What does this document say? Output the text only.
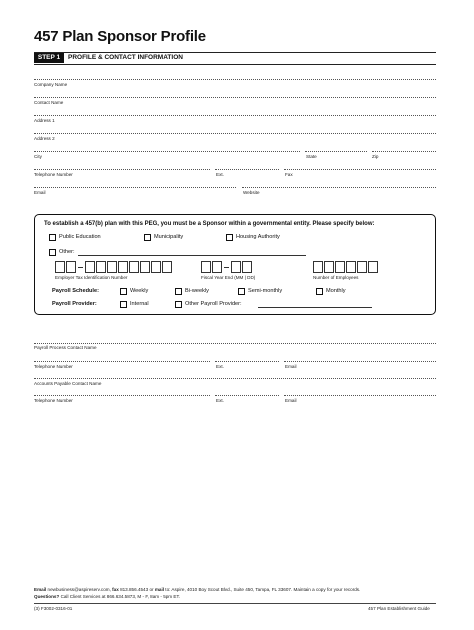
457 Plan Sponsor Profile
STEP 1	PROFILE & CONTACT INFORMATION
Company Name
Contact Name
Address 1
Address 2
City	State	Zip
Telephone Number	Ext.	Fax
Email	Website
To establish a 457(b) plan with this PEG, you must be a Sponsor within a governmental entity. Please specify below:
Public Education	Municipality	Housing Authority
Other:
Employer Tax Identification Number	Fiscal Year End (MM | DD)	Number of Employees
Payroll Schedule:	Weekly	Bi-weekly	Semi-monthly	Monthly
Payroll Provider:	Internal	Other Payroll Provider:
Payroll Process Contact Name
Telephone Number	Ext.	Email
Accounts Payable Contact Name
Telephone Number	Ext.	Email
Email newbusiness@aspireserv.com, fax 813.856.4543 or mail to: Aspire, 4010 Boy Scout Blvd., Suite 450, Tampa, FL 33607. Maintain a copy for your records.
Questions? Call Client Services at 866.634.5873, M - F, 8am - 5pm ET.
(3) F3002-0316-01	457 Plan Establishment Guide
